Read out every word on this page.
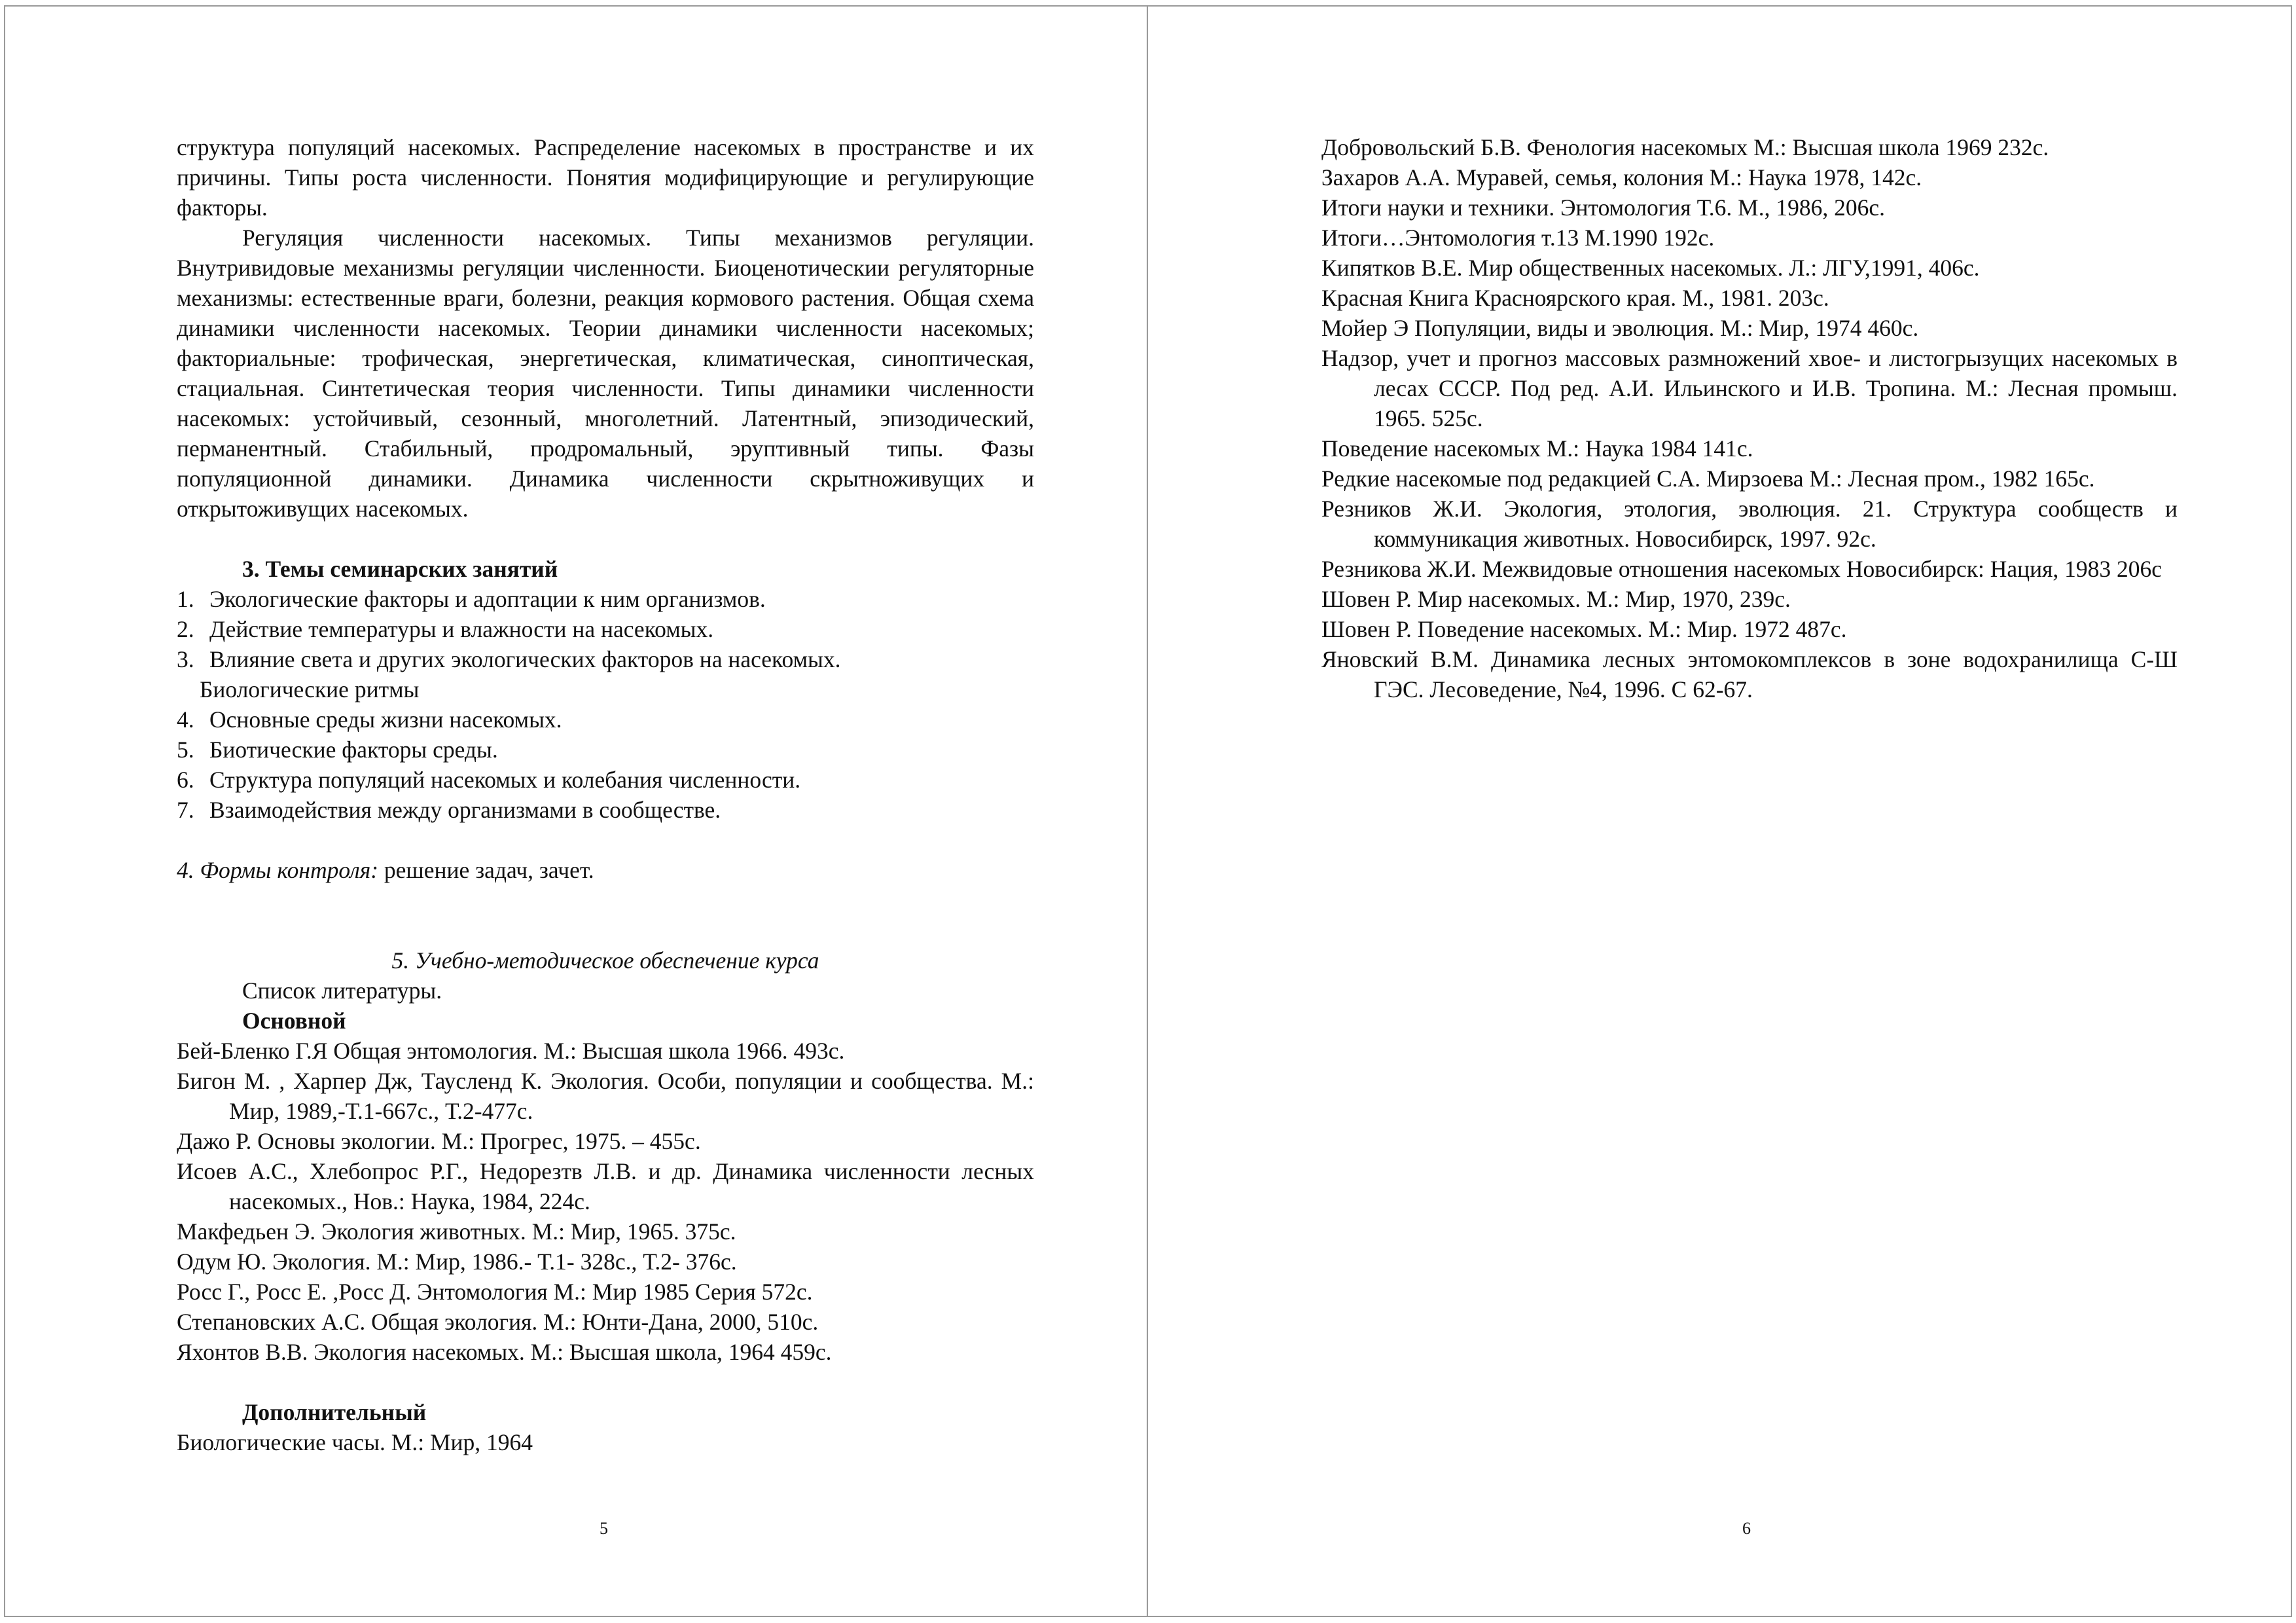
структура популяций насекомых. Распределение насекомых в пространстве и их причины. Типы роста численности. Понятия модифицирующие и регулирующие факторы.

Регуляция численности насекомых. Типы механизмов регуляции. Внутривидовые механизмы регуляции численности. Биоценотическии регуляторные механизмы: естественные враги, болезни, реакция кормового растения. Общая схема динамики численности насекомых. Теории динамики численности насекомых; факториальные: трофическая, энергетическая, климатическая, синоптическая, стациальная. Синтетическая теория численности. Типы динамики численности насекомых: устойчивый, сезонный, многолетний. Латентный, эпизодический, перманентный. Стабильный, продромальный, эруптивный типы. Фазы популяционной динамики. Динамика численности скрытноживущих и открытоживущих насекомых.

3. Темы семинарских занятий

1. Экологические факторы и адоптации к ним организмов.
2. Действие температуры и влажности на насекомых.
3. Влияние света и других экологических факторов на насекомых.
Биологические ритмы
4. Основные среды жизни насекомых.
5. Биотические факторы среды.
6. Структура популяций насекомых и колебания численности.
7. Взаимодействия между организмами в сообществе.

4. Формы контроля: решение задач, зачет.

5. Учебно-методическое обеспечение курса

Список литературы.

Основной

Бей-Бленко Г.Я Общая энтомология. М.: Высшая школа 1966. 493с.
Бигон М. , Харпер Дж, Таусленд К. Экология. Особи, популяции и сообщества. М.: Мир, 1989,-Т.1-667с., Т.2-477с.
Дажо Р. Основы экологии. М.: Прогрес, 1975. – 455с.
Исоев А.С., Хлебопрос Р.Г., Недорезтв Л.В. и др. Динамика численности лесных насекомых., Нов.: Наука, 1984, 224с.
Макфедьен Э. Экология животных. М.: Мир, 1965. 375с.
Одум Ю. Экология. М.: Мир, 1986.- Т.1- 328с., Т.2- 376с.
Росс Г., Росс Е. ,Росс Д. Энтомология М.: Мир 1985 Серия 572с.
Степановских А.С. Общая экология. М.: Юнти-Дана, 2000, 510с.
Яхонтов В.В. Экология насекомых. М.: Высшая школа, 1964 459с.

Дополнительный

Биологические часы. М.: Мир, 1964

5
Добровольский Б.В. Фенология насекомых М.: Высшая школа 1969 232с.
Захаров А.А. Муравей, семья, колония М.: Наука 1978, 142с.
Итоги науки и техники. Энтомология Т.6. М., 1986, 206с.
Итоги…Энтомология т.13 М.1990 192с.
Кипятков В.Е. Мир общественных насекомых. Л.: ЛГУ,1991, 406с.
Красная Книга Красноярского края. М., 1981. 203с.
Мойер Э Популяции, виды и эволюция. М.: Мир, 1974 460с.
Надзор, учет и прогноз массовых размножений хвое- и листогрызущих насекомых в лесах СССР. Под ред. А.И. Ильинского и И.В. Тропина. М.: Лесная промыш. 1965. 525с.
Поведение насекомых М.: Наука 1984 141с.
Редкие насекомые под редакцией С.А. Мирзоева М.: Лесная пром., 1982 165с.
Резников Ж.И. Экология, этология, эволюция. 21. Структура сообществ и коммуникация животных. Новосибирск, 1997. 92с.
Резникова Ж.И. Межвидовые отношения насекомых Новосибирск: Нация, 1983 206с
Шовен Р. Мир насекомых. М.: Мир, 1970, 239с.
Шовен Р. Поведение насекомых. М.: Мир. 1972 487с.
Яновский В.М. Динамика лесных энтомокомплексов в зоне водохранилища С-Ш ГЭС. Лесоведение, №4, 1996. С 62-67.
6
